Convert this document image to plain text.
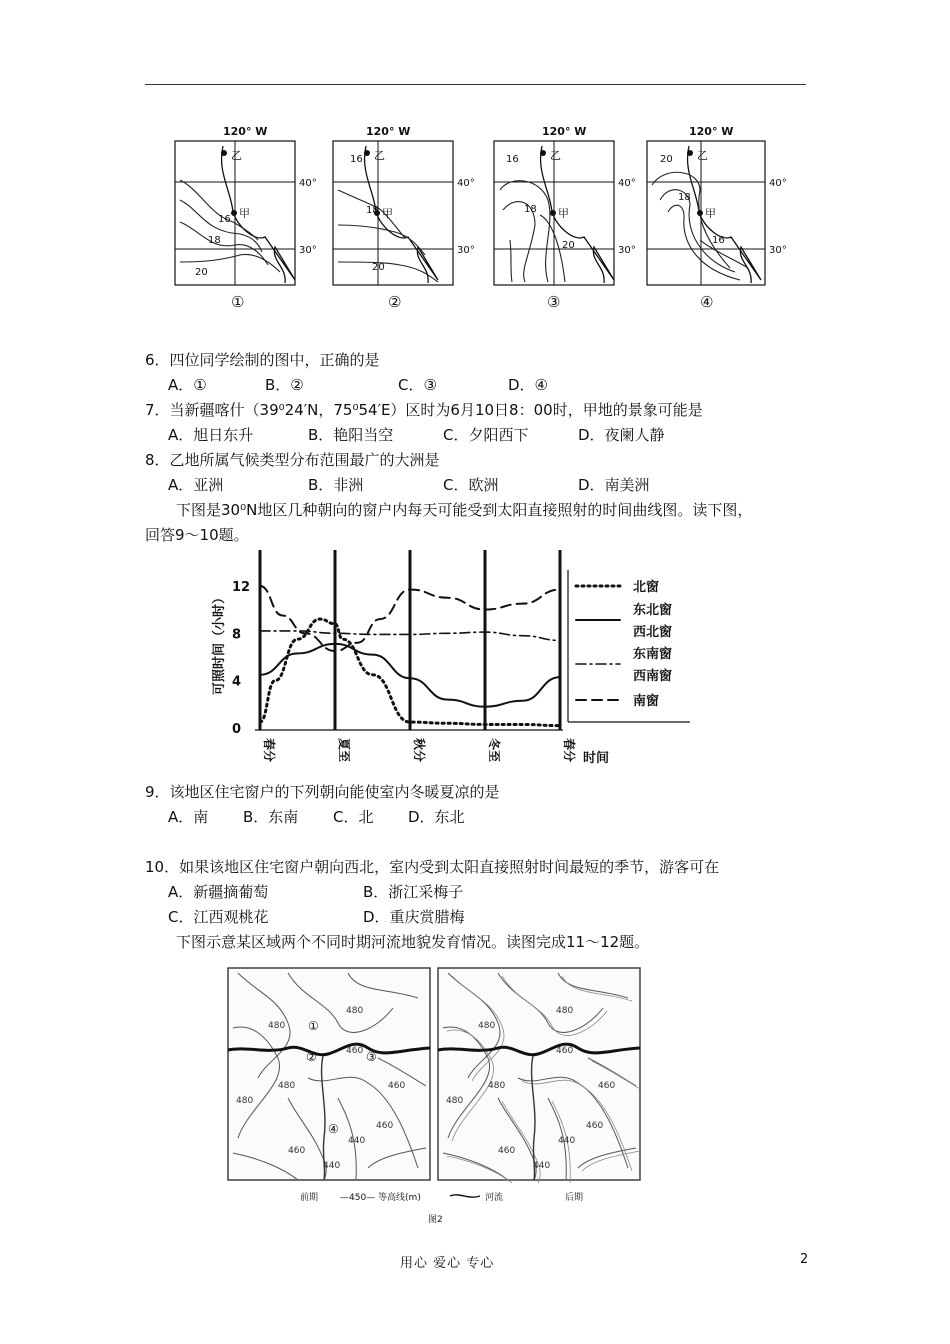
120° W
40°
30°
乙
甲
16
18
20
①
120° W
40°
30°
乙
甲
16
18
20
②
120° W
40°
30°
乙
甲
16
18
20
③
120° W
40°
30°
乙
甲
20
18
16
④
6．四位同学绘制的图中，正确的是
A．①	B．②	C．③	D．④
7．当新疆喀什（39⁰24′N，75⁰54′E）区时为6月10日8：00时，甲地的景象可能是
A．旭日东升	B．艳阳当空	C．夕阳西下	D．夜阑人静
8．乙地所属气候类型分布范围最广的大洲是
A．亚洲	B．非洲	C．欧洲	D．南美洲
下图是30⁰N地区几种朝向的窗户内每天可能受到太阳直接照射的时间曲线图。读下图，
回答9～10题。
12
8
4
0
可照时间（小时）
春分	夏至	秋分	冬至	春分 时间
北窗
东北窗
西北窗
东南窗
西南窗
南窗
9．该地区住宅窗户的下列朝向能使室内冬暖夏凉的是
A．南 B．东南 C．北 D．东北
10．如果该地区住宅窗户朝向西北，室内受到太阳直接照射时间最短的季节，游客可在
A．新疆摘葡萄	B．浙江采梅子
C．江西观桃花	D．重庆赏腊梅
下图示意某区域两个不同时期河流地貌发育情况。读图完成11～12题。
480
480
460
460
480
460
460
440
440
480
①
②	③
④
480
480
460
460
480
460
460
440
440
480
前期 —450— 等高线(m)	河流	后期
图2
用心 爱心 专心	2
